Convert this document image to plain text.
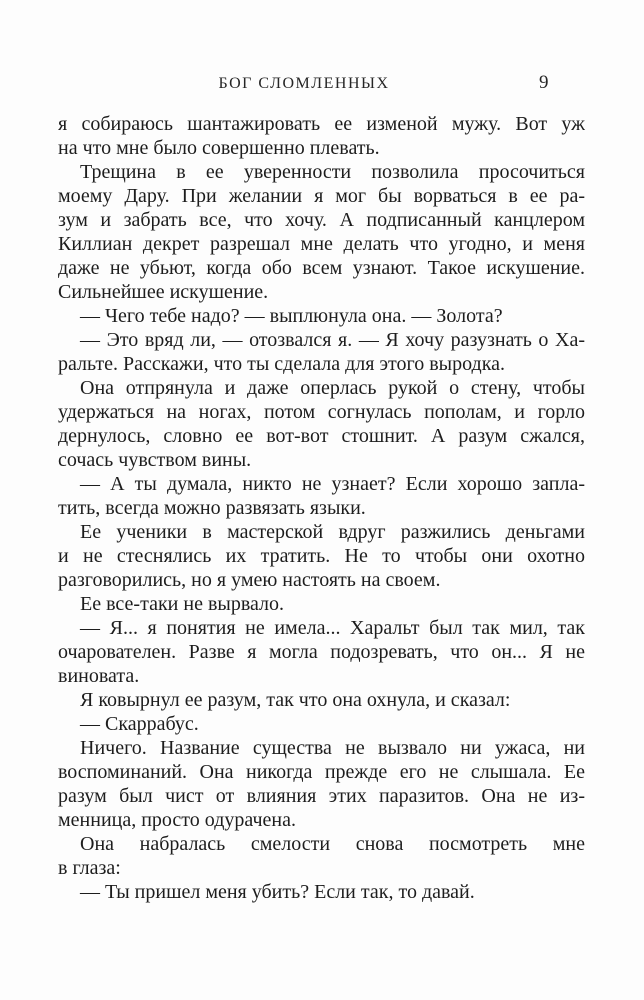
БОГ СЛОМЛЕННЫХ	9
я собираюсь шантажировать ее изменой мужу. Вот уж
на что мне было совершенно плевать.
Трещина в ее уверенности позволила просочиться
моему Дару. При желании я мог бы ворваться в ее ра-
зум и забрать все, что хочу. А подписанный канцлером
Киллиан декрет разрешал мне делать что угодно, и меня
даже не убьют, когда обо всем узнают. Такое искушение.
Сильнейшее искушение.
— Чего тебе надо? — выплюнула она. — Золота?
— Это вряд ли, — отозвался я. — Я хочу разузнать о Ха-
ральте. Расскажи, что ты сделала для этого выродка.
Она отпрянула и даже оперлась рукой о стену, чтобы
удержаться на ногах, потом согнулась пополам, и горло
дернулось, словно ее вот-вот стошнит. А разум сжался,
сочась чувством вины.
— А ты думала, никто не узнает? Если хорошо запла-
тить, всегда можно развязать языки.
Ее ученики в мастерской вдруг разжились деньгами
и не стеснялись их тратить. Не то чтобы они охотно
разговорились, но я умею настоять на своем.
Ее все-таки не вырвало.
— Я... я понятия не имела... Харальт был так мил, так
очарователен. Разве я могла подозревать, что он... Я не
виновата.
Я ковырнул ее разум, так что она охнула, и сказал:
— Скаррабус.
Ничего. Название существа не вызвало ни ужаса, ни
воспоминаний. Она никогда прежде его не слышала. Ее
разум был чист от влияния этих паразитов. Она не из-
менница, просто одурачена.
Она набралась смелости снова посмотреть мне
в глаза:
— Ты пришел меня убить? Если так, то давай.
